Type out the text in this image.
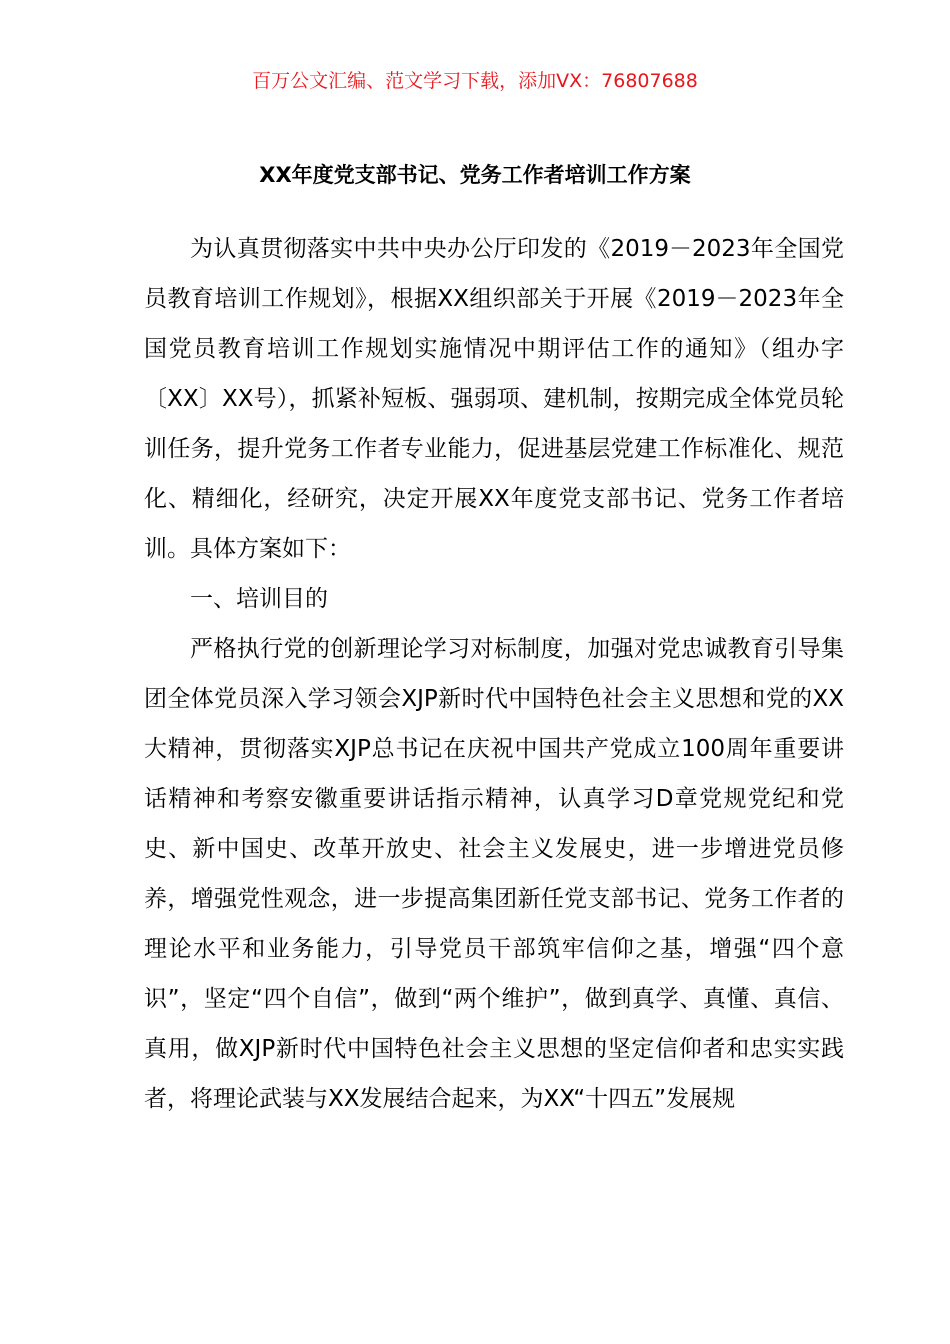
百万公文汇编、范文学习下载，添加VX：76807688
XX年度党支部书记、党务工作者培训工作方案

为认真贯彻落实中共中央办公厅印发的《2019－2023年全国党员教育培训工作规划》，根据XX组织部关于开展《2019－2023年全国党员教育培训工作规划实施情况中期评估工作的通知》（组办字〔XX〕XX号），抓紧补短板、强弱项、建机制，按期完成全体党员轮训任务，提升党务工作者专业能力，促进基层党建工作标准化、规范化、精细化，经研究，决定开展XX年度党支部书记、党务工作者培训。具体方案如下：

一、培训目的

严格执行党的创新理论学习对标制度，加强对党忠诚教育引导集团全体党员深入学习领会XJP新时代中国特色社会主义思想和党的XX大精神，贯彻落实XJP总书记在庆祝中国共产党成立100周年重要讲话精神和考察安徽重要讲话指示精神，认真学习D章党规党纪和党史、新中国史、改革开放史、社会主义发展史，进一步增进党员修养，增强党性观念，进一步提高集团新任党支部书记、党务工作者的理论水平和业务能力，引导党员干部筑牢信仰之基，增强“四个意识”，坚定“四个自信”，做到“两个维护”，做到真学、真懂、真信、真用，做XJP新时代中国特色社会主义思想的坚定信仰者和忠实实践者，将理论武装与XX发展结合起来，为XX“十四五”发展规
